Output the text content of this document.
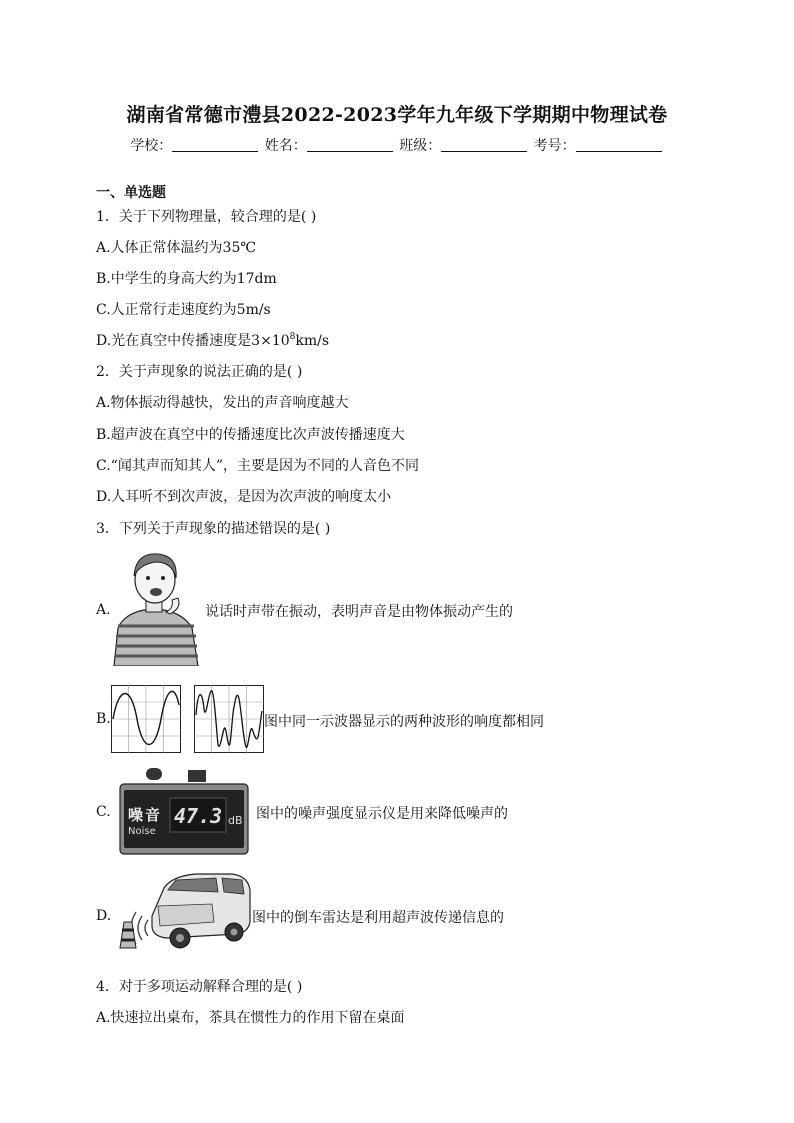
湖南省常德市澧县2022-2023学年九年级下学期期中物理试卷
学校：	姓名：	班级：	考号：
一、单选题
1．关于下列物理量，较合理的是( )
A.人体正常体温约为35℃
B.中学生的身高大约为17dm
C.人正常行走速度约为5m/s
D.光在真空中传播速度是$3\times 10^8km/s$
2．关于声现象的说法正确的是( )
A.物体振动得越快，发出的声音响度越大
B.超声波在真空中的传播速度比次声波传播速度大
C.“闻其声而知其人”，主要是因为不同的人音色不同
D.人耳听不到次声波，是因为次声波的响度太小
3．下列关于声现象的描述错误的是( )
A.	说话时声带在振动，表明声音是由物体振动产生的
B.	图中同一示波器显示的两种波形的响度都相同
C. 噪音
Noise
47.3 dB 图中的噪声强度显示仪是用来降低噪声的
D.	图中的倒车雷达是利用超声波传递信息的
4．对于多项运动解释合理的是( )
A.快速拉出桌布，茶具在惯性力的作用下留在桌面
